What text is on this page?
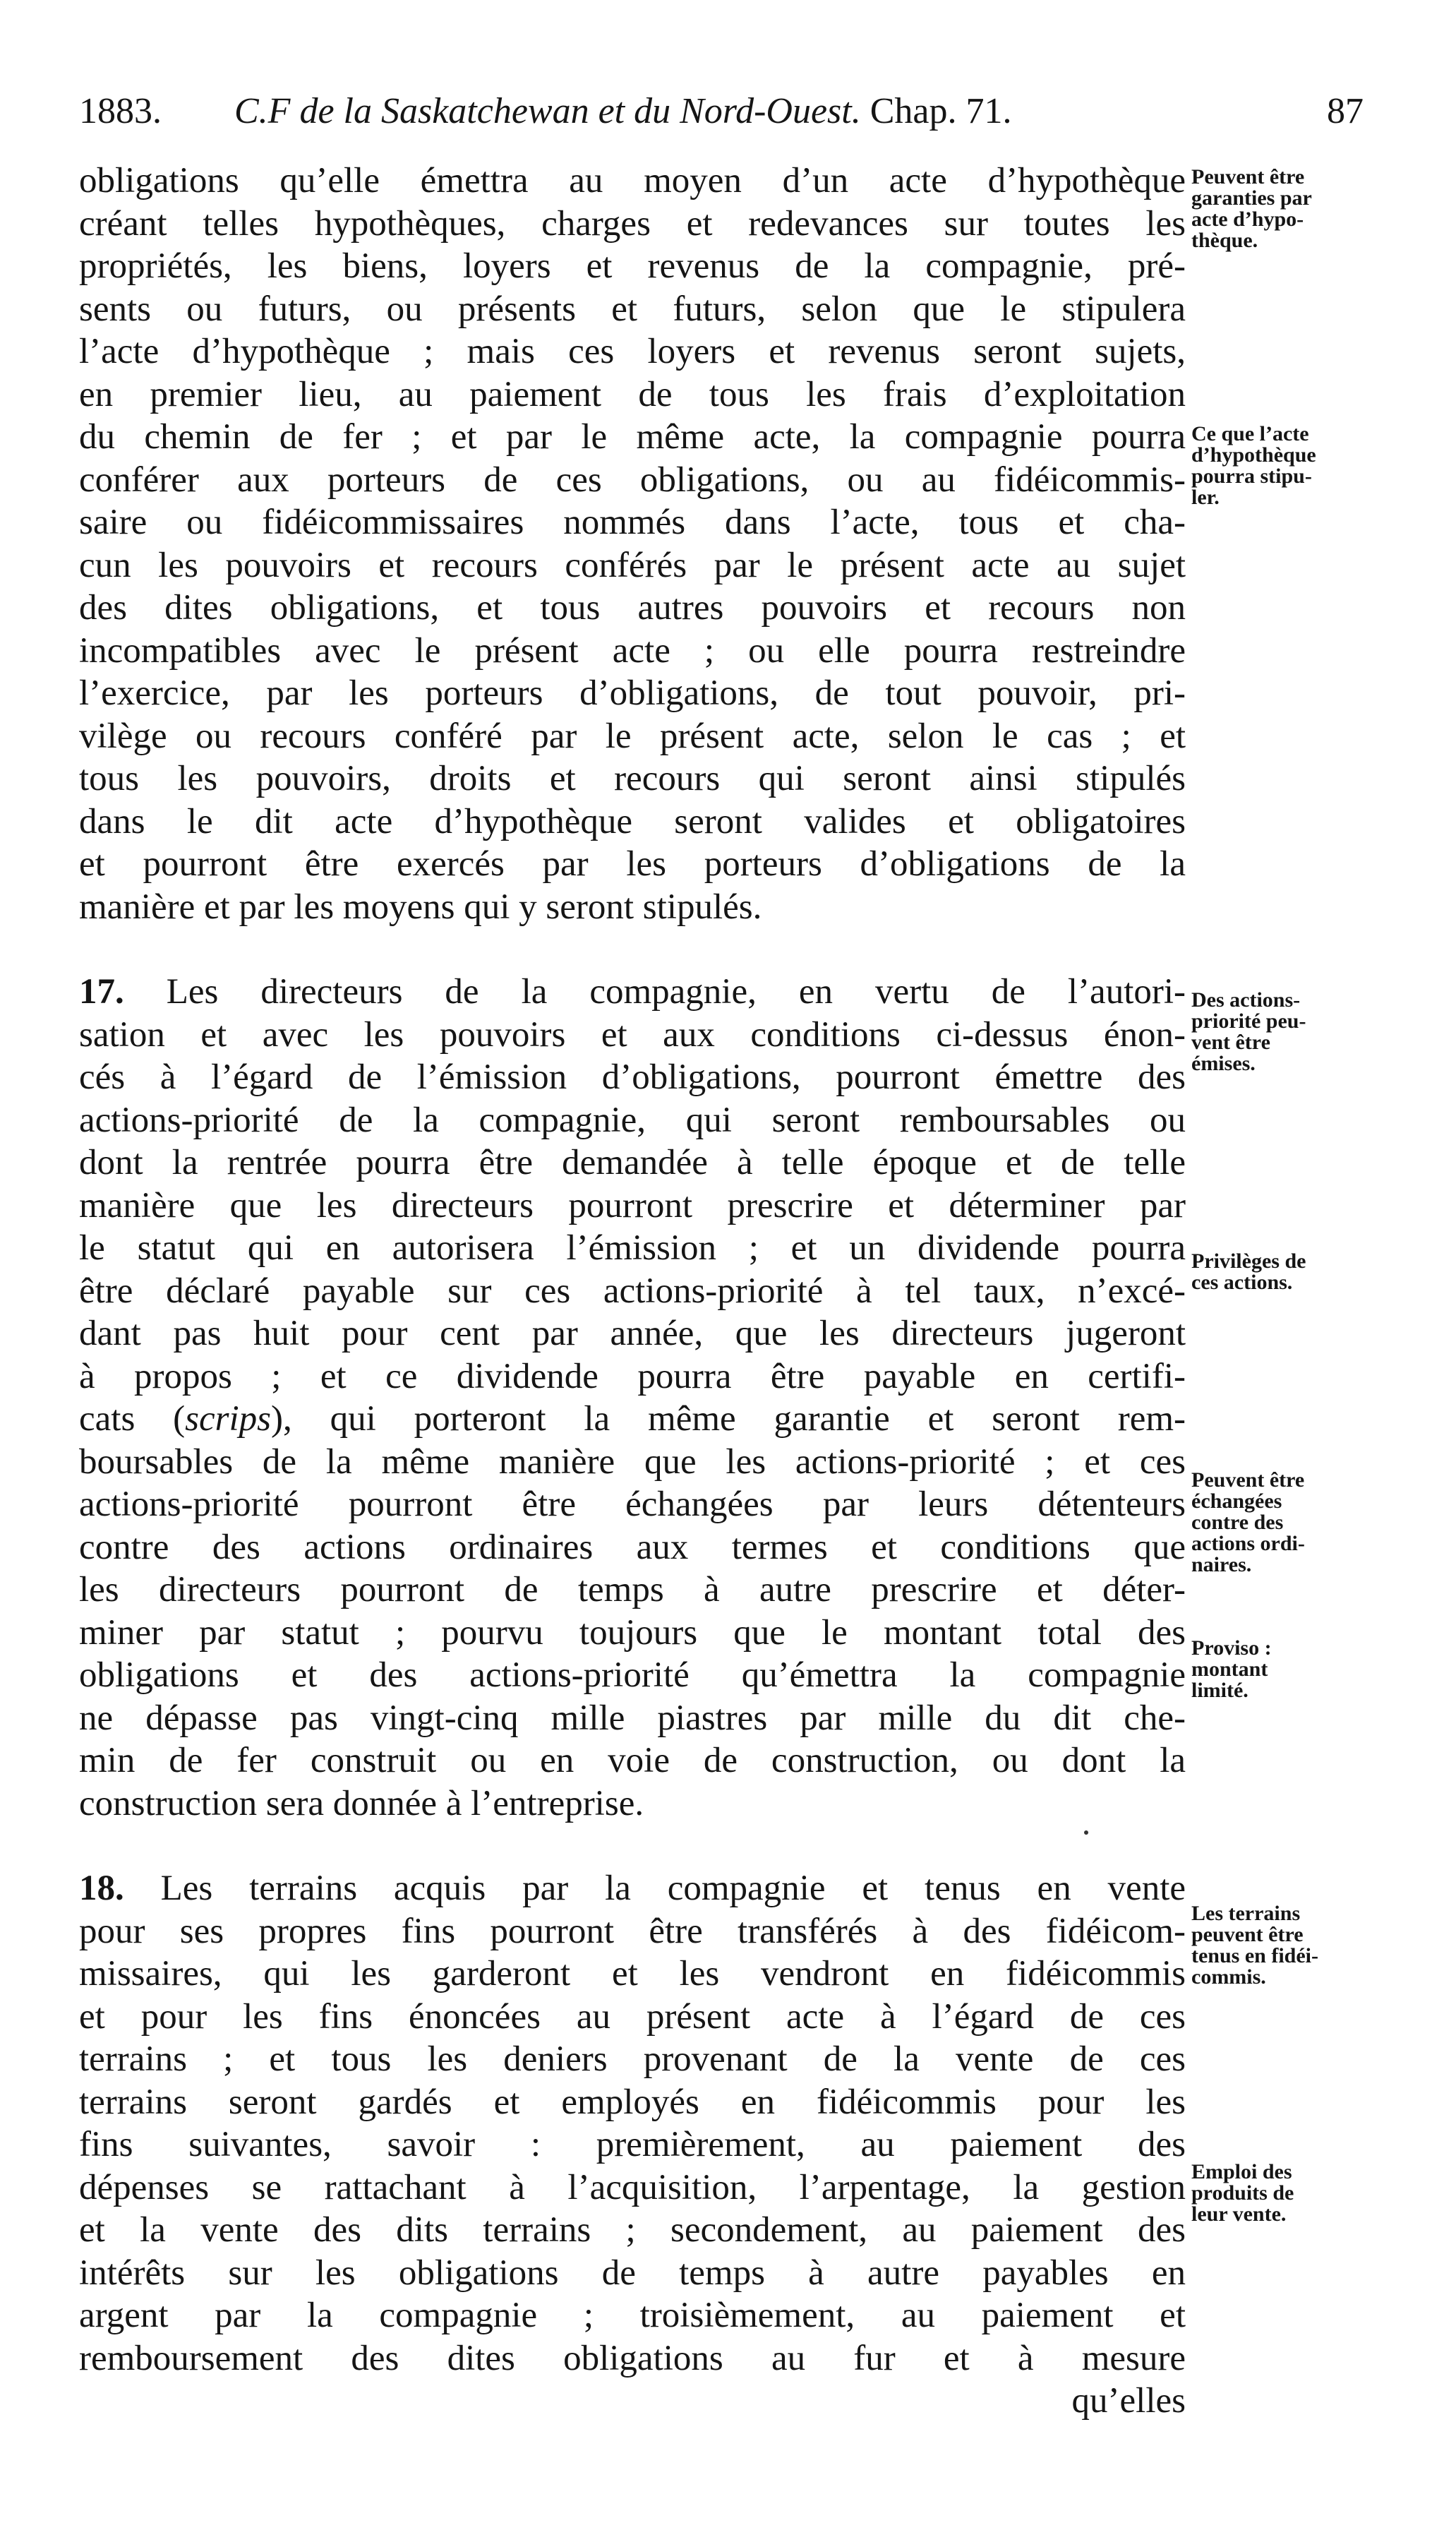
1883. C.F de la Saskatchewan et du Nord-Ouest. Chap. 71.	87
obligations qu’elle émettra au moyen d’un acte d’hypothèque
créant telles hypothèques, charges et redevances sur toutes les
propriétés, les biens, loyers et revenus de la compagnie, pré-
sents ou futurs, ou présents et futurs, selon que le stipulera
l’acte d’hypothèque ; mais ces loyers et revenus seront sujets,
en premier lieu, au paiement de tous les frais d’exploitation
du chemin de fer ; et par le même acte, la compagnie pourra
conférer aux porteurs de ces obligations, ou au fidéicommis-
saire ou fidéicommissaires nommés dans l’acte, tous et cha-
cun les pouvoirs et recours conférés par le présent acte au sujet
des dites obligations, et tous autres pouvoirs et recours non
incompatibles avec le présent acte ; ou elle pourra restreindre
l’exercice, par les porteurs d’obligations, de tout pouvoir, pri-
vilège ou recours conféré par le présent acte, selon le cas ; et
tous les pouvoirs, droits et recours qui seront ainsi stipulés
dans le dit acte d’hypothèque seront valides et obligatoires
et pourront être exercés par les porteurs d’obligations de la
manière et par les moyens qui y seront stipulés.
17. Les directeurs de la compagnie, en vertu de l’autori-
sation et avec les pouvoirs et aux conditions ci-dessus énon-
cés à l’égard de l’émission d’obligations, pourront émettre des
actions-priorité de la compagnie, qui seront remboursables ou
dont la rentrée pourra être demandée à telle époque et de telle
manière que les directeurs pourront prescrire et déterminer par
le statut qui en autorisera l’émission ; et un dividende pourra
être déclaré payable sur ces actions-priorité à tel taux, n’excé-
dant pas huit pour cent par année, que les directeurs jugeront
à propos ; et ce dividende pourra être payable en certifi-
cats (scrips), qui porteront la même garantie et seront rem-
boursables de la même manière que les actions-priorité ; et ces
actions-priorité pourront être échangées par leurs détenteurs
contre des actions ordinaires aux termes et conditions que
les directeurs pourront de temps à autre prescrire et déter-
miner par statut ; pourvu toujours que le montant total des
obligations et des actions-priorité qu’émettra la compagnie
ne dépasse pas vingt-cinq mille piastres par mille du dit che-
min de fer construit ou en voie de construction, ou dont la
construction sera donnée à l’entreprise.
18. Les terrains acquis par la compagnie et tenus en vente
pour ses propres fins pourront être transférés à des fidéicom-
missaires, qui les garderont et les vendront en fidéicommis
et pour les fins énoncées au présent acte à l’égard de ces
terrains ; et tous les deniers provenant de la vente de ces
terrains seront gardés et employés en fidéicommis pour les
fins suivantes, savoir : premièrement, au paiement des
dépenses se rattachant à l’acquisition, l’arpentage, la gestion
et la vente des dits terrains ; secondement, au paiement des
intérêts sur les obligations de temps à autre payables en
argent par la compagnie ; troisièmement, au paiement et
remboursement des dites obligations au fur et à mesure
qu’elles
Peuvent être
garanties par
acte d’hypo-
thèque.
Ce que l’acte
d’hypothèque
pourra stipu-
ler.
Des actions-
priorité peu-
vent être
émises.
Privilèges de
ces actions.
Peuvent être
échangées
contre des
actions ordi-
naires.
Proviso :
montant
limité.
Les terrains
peuvent être
tenus en fidéi-
commis.
Emploi des
produits de
leur vente.
